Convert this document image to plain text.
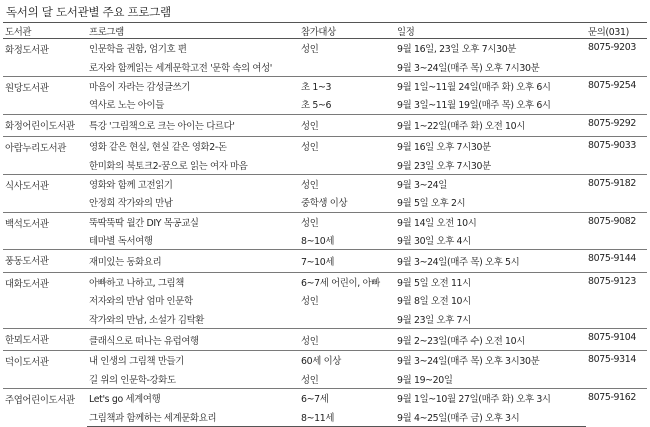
독서의 달 도서관별 주요 프로그램
도서관	프로그램	참가대상	일정	문의(031)
화정도서관	인문학을 권함, 엄기호 편	성인	9월 16일, 23일 오후 7시30분	8075-9203
	로자와 함께읽는 세계문학고전 '문학 속의 여성'		9월 3~24일(매주 목) 오후 7시30분	
원당도서관	마음이 자라는 감성글쓰기	초 1~3	9월 1일~11월 24일(매주 화) 오후 6시	8075-9254
	역사로 노는 아이들	초 5~6	9월 3일~11월 19일(매주 목) 오후 6시	
화정어린이도서관	특강 '그림책으로 크는 아이는 다르다'	성인	9월 1~22일(매주 화) 오전 10시	8075-9292
아람누리도서관	영화 같은 현실, 현실 같은 영화2-돈	성인	9월 16일 오후 7시30분	8075-9033
	한미화의 북토크2-꿈으로 읽는 여자 마음		9월 23일 오후 7시30분	
식사도서관	영화와 함께 고전읽기	성인	9월 3~24일	8075-9182
	안정희 작가와의 만남	중학생 이상	9월 5일 오후 2시	
백석도서관	뚝딱뚝딱 월간 DIY 목공교실	성인	9월 14일 오전 10시	8075-9082
	테마별 독서여행	8~10세	9월 30일 오후 4시	
풍동도서관	재미있는 동화요리	7~10세	9월 3~24일(매주 목) 오후 5시	8075-9144
대화도서관	아빠하고 나하고, 그림책	6~7세 어린이, 아빠	9월 5일 오전 11시	8075-9123
	저자와의 만남 엄마 인문학	성인	9월 8일 오전 10시	
	작가와의 만남, 소설가 김탁환		9월 23일 오후 7시	
한뫼도서관	클래식으로 떠나는 유럽여행	성인	9월 2~23일(매주 수) 오전 10시	8075-9104
덕이도서관	내 인생의 그림책 만들기	60세 이상	9월 3~24일(매주 목) 오후 3시30분	8075-9314
	길 위의 인문학-강화도	성인	9월 19~20일	
주엽어린이도서관	Let's go 세계여행	6~7세	9월 1일~10월 27일(매주 화) 오후 3시	8075-9162
	그림책과 함께하는 세계문화요리	8~11세	9월 4~25일(매주 금) 오후 3시	
